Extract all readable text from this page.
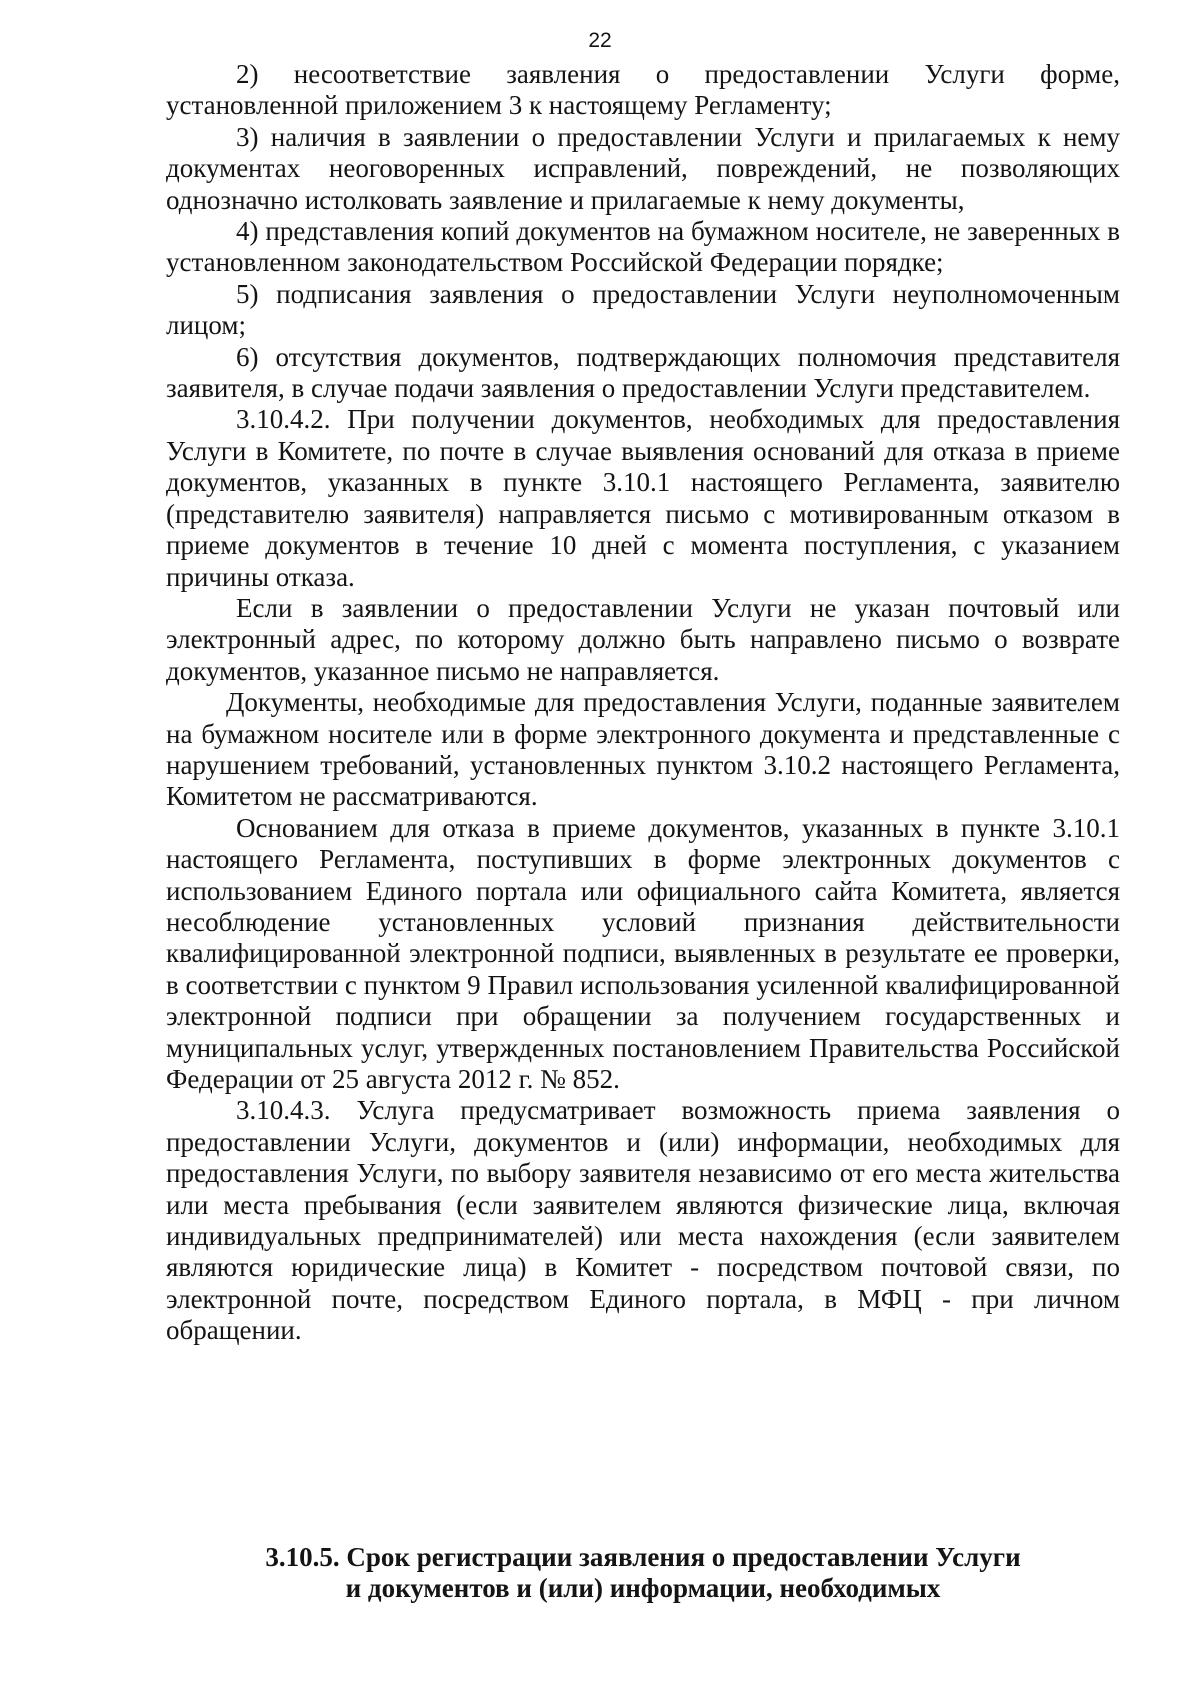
22

2) несоответствие заявления о предоставлении Услуги форме, установленной приложением 3 к настоящему Регламенту;

3) наличия в заявлении о предоставлении Услуги и прилагаемых к нему документах неоговоренных исправлений, повреждений, не позволяющих однозначно истолковать заявление и прилагаемые к нему документы,

4) представления копий документов на бумажном носителе, не заверенных в установленном законодательством Российской Федерации порядке;

5) подписания заявления о предоставлении Услуги неуполномоченным лицом;

6) отсутствия документов, подтверждающих полномочия представителя заявителя, в случае подачи заявления о предоставлении Услуги представителем.

3.10.4.2. При получении документов, необходимых для предоставления Услуги в Комитете, по почте в случае выявления оснований для отказа в приеме документов, указанных в пункте 3.10.1 настоящего Регламента, заявителю (представителю заявителя) направляется письмо с мотивированным отказом в приеме документов в течение 10 дней с момента поступления, с указанием причины отказа.

Если в заявлении о предоставлении Услуги не указан почтовый или электронный адрес, по которому должно быть направлено письмо о возврате документов, указанное письмо не направляется.

Документы, необходимые для предоставления Услуги, поданные заявителем на бумажном носителе или в форме электронного документа и представленные с нарушением требований, установленных пунктом 3.10.2 настоящего Регламента, Комитетом не рассматриваются.

Основанием для отказа в приеме документов, указанных в пункте 3.10.1 настоящего Регламента, поступивших в форме электронных документов с использованием Единого портала или официального сайта Комитета, является несоблюдение установленных условий признания действительности квалифицированной электронной подписи, выявленных в результате ее проверки, в соответствии с пунктом 9 Правил использования усиленной квалифицированной электронной подписи при обращении за получением государственных и муниципальных услуг, утвержденных постановлением Правительства Российской Федерации от 25 августа 2012 г. № 852.

3.10.4.3. Услуга предусматривает возможность приема заявления о предоставлении Услуги, документов и (или) информации, необходимых для предоставления Услуги, по выбору заявителя независимо от его места жительства или места пребывания (если заявителем являются физические лица, включая индивидуальных предпринимателей) или места нахождения (если заявителем являются юридические лица) в Комитет - посредством почтовой связи, по электронной почте, посредством Единого портала, в МФЦ - при личном обращении.

3.10.5. Срок регистрации заявления о предоставлении Услуги

и документов и (или) информации, необходимых
